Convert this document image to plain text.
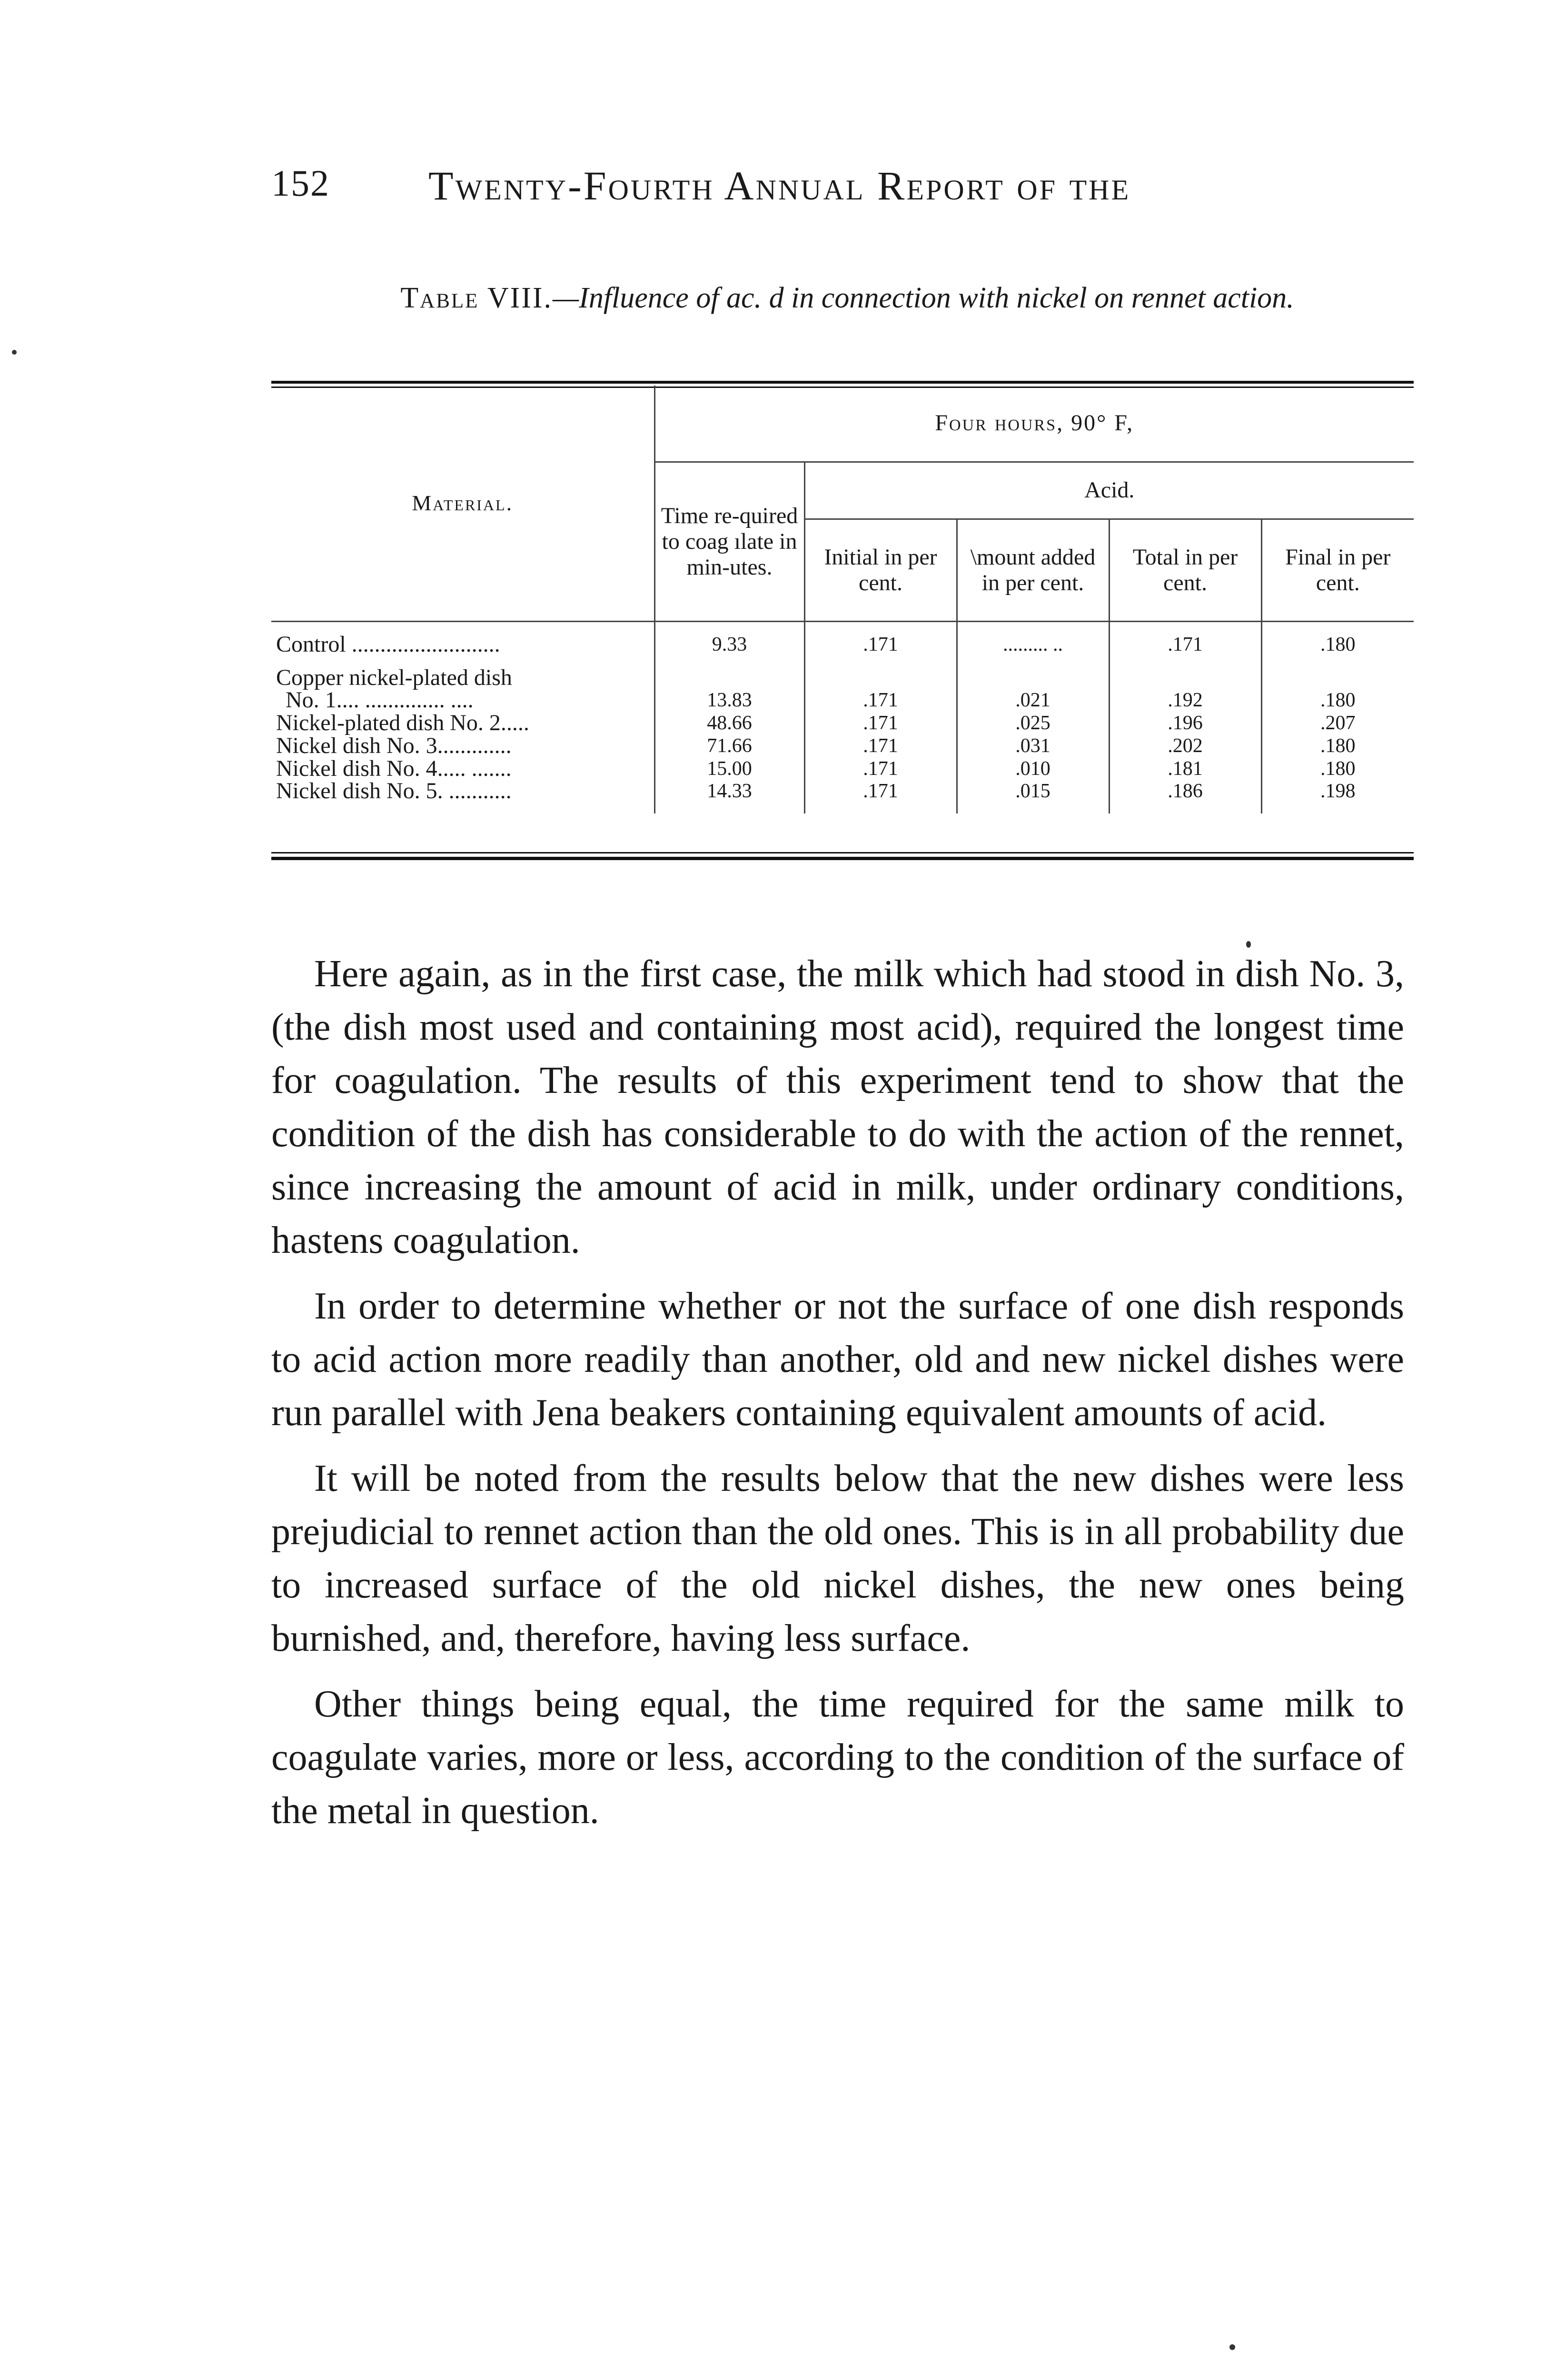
152 Twenty-Fourth Annual Report of the
Table VIII.—Influence of ac. d in connection with nickel on rennet action.
Material.	Four hours, 90° F,				
	Time re-quired to coag ılate in min-utes.	Acid.			
		Initial in per cent.	\mount added in per cent.	Total in per cent.	Final in per cent.
Control ..........................	9.33	.171	......... ..	.171	.180
Copper nickel-plated dish					
No. 1.... .............. ....	13.83	.171	.021	.192	.180
Nickel-plated dish No. 2.....	48.66	.171	.025	.196	.207
Nickel dish No. 3.............	71.66	.171	.031	.202	.180
Nickel dish No. 4..... .......	15.00	.171	.010	.181	.180
Nickel dish No. 5. ...........	14.33	.171	.015	.186	.198

Here again, as in the first case, the milk which had stood in dish No. 3, (the dish most used and containing most acid), required the longest time for coagulation. The results of this experiment tend to show that the condition of the dish has considerable to do with the action of the rennet, since increasing the amount of acid in milk, under ordinary conditions, hastens coagulation.

In order to determine whether or not the surface of one dish responds to acid action more readily than another, old and new nickel dishes were run parallel with Jena beakers containing equivalent amounts of acid.

It will be noted from the results below that the new dishes were less prejudicial to rennet action than the old ones. This is in all probability due to increased surface of the old nickel dishes, the new ones being burnished, and, therefore, having less surface.

Other things being equal, the time required for the same milk to coagulate varies, more or less, according to the condition of the surface of the metal in question.
